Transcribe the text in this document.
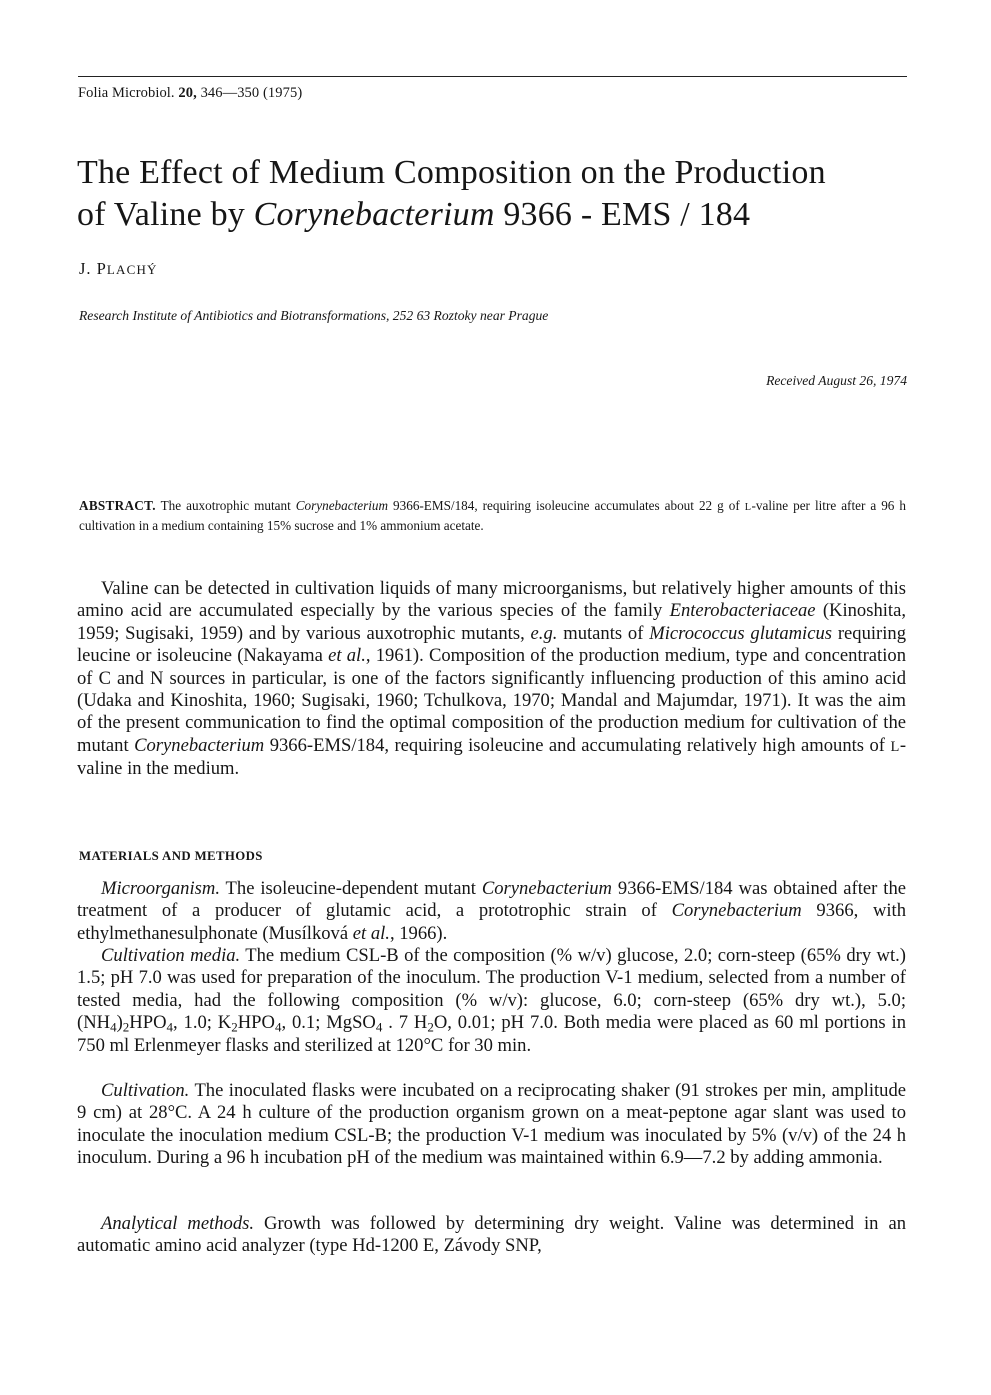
Folia Microbiol. 20, 346—350 (1975)
The Effect of Medium Composition on the Production
of Valine by Corynebacterium 9366 - EMS / 184
J. PLACHÝ
Research Institute of Antibiotics and Biotransformations, 252 63 Roztoky near Prague
Received August 26, 1974
ABSTRACT. The auxotrophic mutant Corynebacterium 9366-EMS/184, requiring isoleucine accumulates about 22 g of L-valine per litre after a 96 h cultivation in a medium containing 15% sucrose and 1% ammonium acetate.

Valine can be detected in cultivation liquids of many microorganisms, but relatively higher amounts of this amino acid are accumulated especially by the various species of the family Enterobacteriaceae (Kinoshita, 1959; Sugisaki, 1959) and by various auxotrophic mutants, e.g. mutants of Micrococcus glutamicus requiring leucine or isoleucine (Nakayama et al., 1961). Composition of the production medium, type and concentration of C and N sources in particular, is one of the factors significantly influencing production of this amino acid (Udaka and Kinoshita, 1960; Sugisaki, 1960; Tchulkova, 1970; Mandal and Majumdar, 1971). It was the aim of the present communication to find the optimal composition of the production medium for cultivation of the mutant Corynebacterium 9366-EMS/184, requiring isoleucine and accumulating relatively high amounts of L-valine in the medium.

MATERIALS AND METHODS

Microorganism. The isoleucine-dependent mutant Corynebacterium 9366-EMS/184 was obtained after the treatment of a producer of glutamic acid, a prototrophic strain of Corynebacterium 9366, with ethylmethanesulphonate (Musílková et al., 1966).

Cultivation media. The medium CSL-B of the composition (% w/v) glucose, 2.0; corn-steep (65% dry wt.) 1.5; pH 7.0 was used for preparation of the inoculum. The production V-1 medium, selected from a number of tested media, had the following composition (% w/v): glucose, 6.0; corn-steep (65% dry wt.), 5.0; $(NH_4)_2HPO_4$, 1.0; $K_2HPO_4$, 0.1; MgSO$_4$ . 7 $H_2O$, 0.01; pH 7.0. Both media were placed as 60 ml portions in 750 ml Erlenmeyer flasks and sterilized at 120°C for 30 min.

Cultivation. The inoculated flasks were incubated on a reciprocating shaker (91 strokes per min, amplitude 9 cm) at 28°C. A 24 h culture of the production organism grown on a meat-peptone agar slant was used to inoculate the inoculation medium CSL-B; the production V-1 medium was inoculated by 5% (v/v) of the 24 h inoculum. During a 96 h incubation pH of the medium was maintained within 6.9—7.2 by adding ammonia.

Analytical methods. Growth was followed by determining dry weight. Valine was determined in an automatic amino acid analyzer (type Hd-1200 E, Závody SNP,
